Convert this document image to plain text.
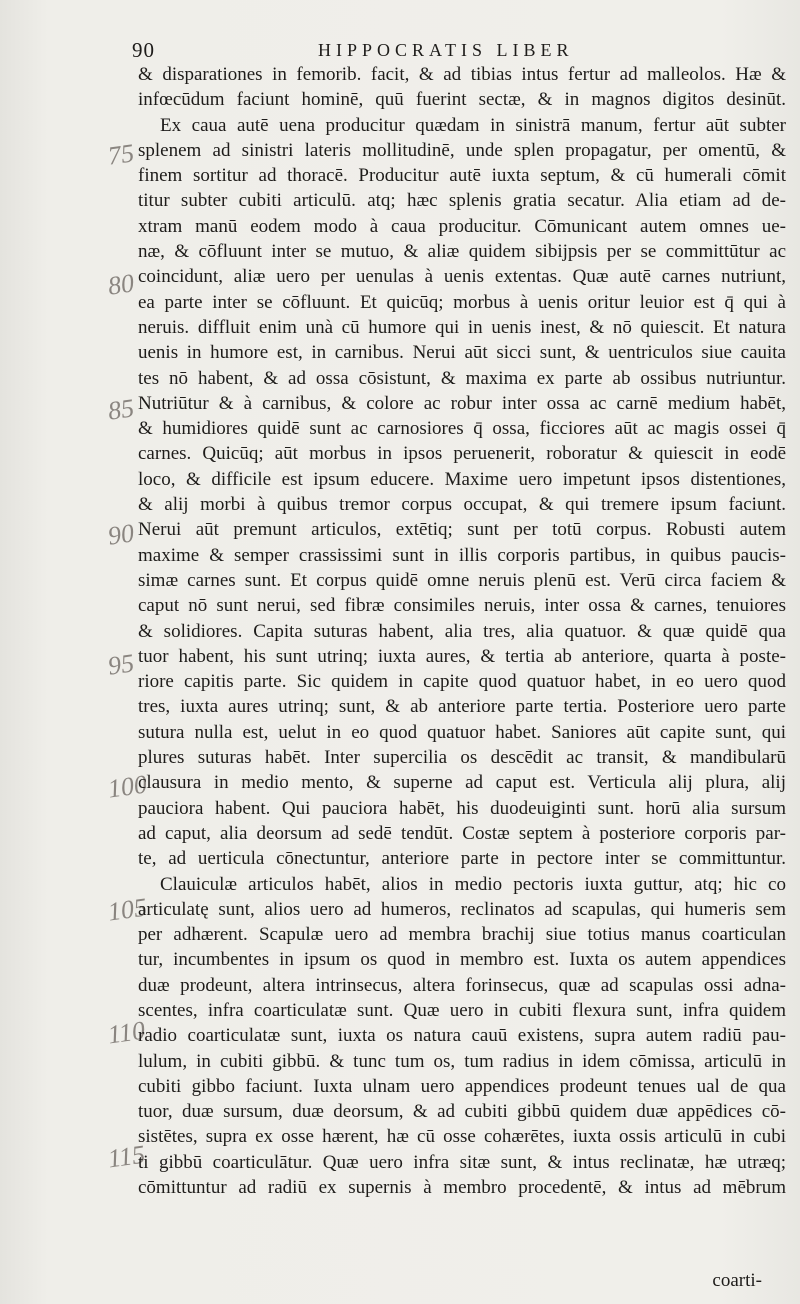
90	HIPPOCRATIS LIBER
75
80
85
90
95
100
105
110
115
& disparationes in femorib. facit, & ad tibias intus fertur ad malleolos. Hæ &
infœcūdum faciunt hominē, quū fuerint sectæ, & in magnos digitos desinūt.
Ex caua autē uena producitur quædam in sinistrā manum, fertur aūt subter
splenem ad sinistri lateris mollitudinē, unde splen propagatur, per omentū, &
finem sortitur ad thoracē. Producitur autē iuxta septum, & cū humerali cōmit
titur subter cubiti articulū. atq; hæc splenis gratia secatur. Alia etiam ad de-
xtram manū eodem modo à caua producitur. Cōmunicant autem omnes ue-
næ, & cōfluunt inter se mutuo, & aliæ quidem sibijpsis per se committūtur ac
coincidunt, aliæ uero per uenulas à uenis extentas. Quæ autē carnes nutriunt,
ea parte inter se cōfluunt. Et quicūq; morbus à uenis oritur leuior est q̄ qui à
neruis. diffluit enim unà cū humore qui in uenis inest, & nō quiescit. Et natura
uenis in humore est, in carnibus. Nerui aūt sicci sunt, & uentriculos siue cauita
tes nō habent, & ad ossa cōsistunt, & maxima ex parte ab ossibus nutriuntur.
Nutriūtur & à carnibus, & colore ac robur inter ossa ac carnē medium habēt,
& humidiores quidē sunt ac carnosiores q̄ ossa, ficciores aūt ac magis ossei q̄
carnes. Quicūq; aūt morbus in ipsos peruenerit, roboratur & quiescit in eodē
loco, & difficile est ipsum educere. Maxime uero impetunt ipsos distentiones,
& alij morbi à quibus tremor corpus occupat, & qui tremere ipsum faciunt.
Nerui aūt premunt articulos, extētiq; sunt per totū corpus. Robusti autem
maxime & semper crassissimi sunt in illis corporis partibus, in quibus paucis-
simæ carnes sunt. Et corpus quidē omne neruis plenū est. Verū circa faciem &
caput nō sunt nerui, sed fibræ consimiles neruis, inter ossa & carnes, tenuiores
& solidiores. Capita suturas habent, alia tres, alia quatuor. & quæ quidē qua
tuor habent, his sunt utrinq; iuxta aures, & tertia ab anteriore, quarta à poste-
riore capitis parte. Sic quidem in capite quod quatuor habet, in eo uero quod
tres, iuxta aures utrinq; sunt, & ab anteriore parte tertia. Posteriore uero parte
sutura nulla est, uelut in eo quod quatuor habet. Saniores aūt capite sunt, qui
plures suturas habēt. Inter supercilia os descēdit ac transit, & mandibularū
clausura in medio mento, & superne ad caput est. Verticula alij plura, alij
pauciora habent. Qui pauciora habēt, his duodeuiginti sunt. horū alia sursum
ad caput, alia deorsum ad sedē tendūt. Costæ septem à posteriore corporis par-
te, ad uerticula cōnectuntur, anteriore parte in pectore inter se committuntur.
Clauiculæ articulos habēt, alios in medio pectoris iuxta guttur, atq; hic co
articulatę sunt, alios uero ad humeros, reclinatos ad scapulas, qui humeris sem
per adhærent. Scapulæ uero ad membra brachij siue totius manus coarticulan
tur, incumbentes in ipsum os quod in membro est. Iuxta os autem appendices
duæ prodeunt, altera intrinsecus, altera forinsecus, quæ ad scapulas ossi adna-
scentes, infra coarticulatæ sunt. Quæ uero in cubiti flexura sunt, infra quidem
radio coarticulatæ sunt, iuxta os natura cauū existens, supra autem radiū pau-
lulum, in cubiti gibbū. & tunc tum os, tum radius in idem cōmissa, articulū in
cubiti gibbo faciunt. Iuxta ulnam uero appendices prodeunt tenues ual de qua
tuor, duæ sursum, duæ deorsum, & ad cubiti gibbū quidem duæ appēdices cō-
sistētes, supra ex osse hærent, hæ cū osse cohærētes, iuxta ossis articulū in cubi
ti gibbū coarticulātur. Quæ uero infra sitæ sunt, & intus reclinatæ, hæ utræq;
cōmittuntur ad radiū ex supernis à membro procedentē, & intus ad mēbrum
coarti-
